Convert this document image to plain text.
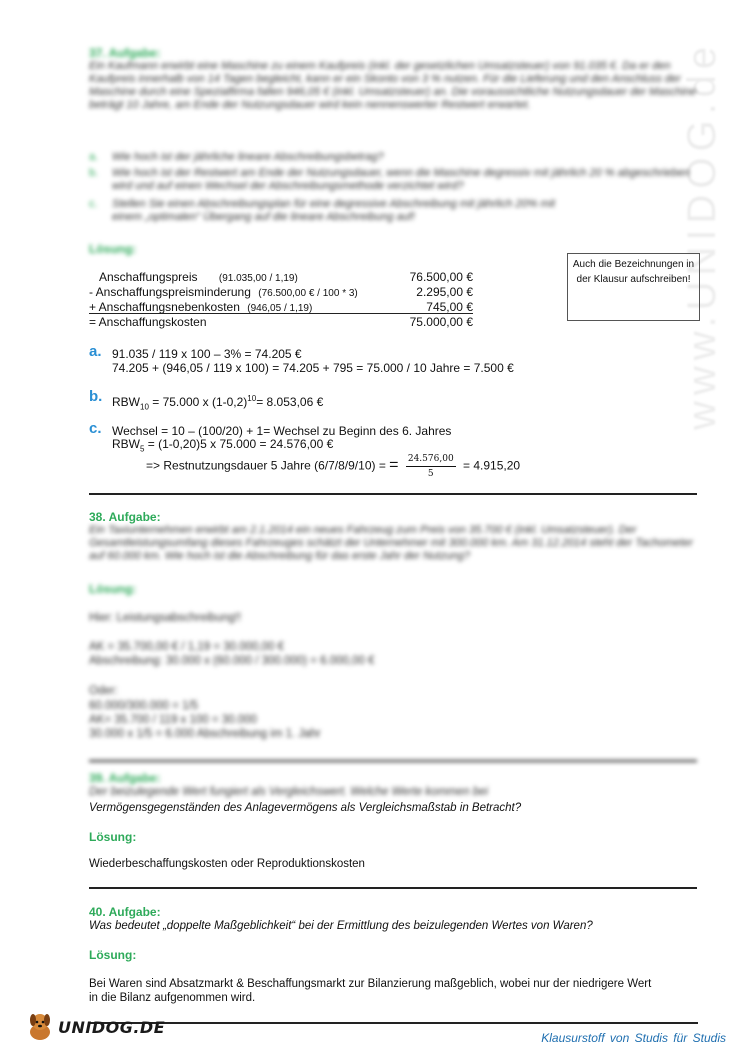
www.UNIDOG.de
37. Aufgabe:
Ein Kaufmann erwirbt eine Maschine zu einem Kaufpreis (inkl. der gesetzlichen Umsatzsteuer) von 91.035 €. Da er den Kaufpreis innerhalb von 14 Tagen begleicht, kann er ein Skonto von 3 % nutzen. Für die Lieferung und den Anschluss der Maschine durch eine Spezialfirma fallen 946,05 € (inkl. Umsatzsteuer) an. Die voraussichtliche Nutzungsdauer der Maschine beträgt 10 Jahre, am Ende der Nutzungsdauer wird kein nennenswerter Restwert erwartet.
a.	Wie hoch ist der jährliche lineare Abschreibungsbetrag?
b.	Wie hoch ist der Restwert am Ende der Nutzungsdauer, wenn die Maschine degressiv mit jährlich 20 % abgeschrieben wird und auf einen Wechsel der Abschreibungsmethode verzichtet wird?
c.	Stellen Sie einen Abschreibungsplan für eine degressive Abschreibung mit jährlich 20% mit einem „optimalen“ Übergang auf die lineare Abschreibung auf!
Lösung:
Auch die Bezeichnungen in der Klausur aufschreiben!
Anschaffungspreis (91.035,00 / 1,19)	76.500,00 €
- Anschaffungspreisminderung (76.500,00 € / 100 * 3)	2.295,00 €
+ Anschaffungsnebenkosten (946,05 / 1,19)	745,00 €
= Anschaffungskosten	75.000,00 €
a. 91.035 / 119 x 100 – 3% = 74.205 €
74.205 + (946,05 / 119 x 100) = 74.205 + 795 = 75.000 / 10 Jahre = 7.500 €
b. $RBW_{10} = 75.000$ x $(1-0,2)^{10}= 8.053,06$ €
c. Wechsel = 10 – (100/20) + 1= Wechsel zu Beginn des 6. Jahres
$RBW_5 = (1-0,20)5$ x 75.000 = 24.576,00 €
=> Restnutzungsdauer 5 Jahre (6/7/8/9/10) = = $\frac{24.576,00}{5} = 4.915,20$
38. Aufgabe:
Ein Taxiunternehmen erwirbt am 2.1.2014 ein neues Fahrzeug zum Preis von 35.700 € (inkl. Umsatzsteuer). Der Gesamtleistungsumfang dieses Fahrzeuges schätzt der Unternehmer mit 300.000 km. Am 31.12.2014 steht der Tachometer auf 60.000 km. Wie hoch ist die Abschreibung für das erste Jahr der Nutzung?
Lösung:
Hier: Leistungsabschreibung!!
AK = 35.700,00 € / 1,19 = 30.000,00 €
Abschreibung: 30.000 x (60.000 / 300.000) = 6.000,00 €
Oder:
60.000/300.000 = 1/5
AK= 35.700 / 119 x 100 = 30.000
30.000 x 1/5 = 6.000 Abschreibung im 1. Jahr
39. Aufgabe:
Der beizulegende Wert fungiert als Vergleichswert. Welche Werte kommen bei
Vermögensgegenständen des Anlagevermögens als Vergleichsmaßstab in Betracht?
Lösung:
Wiederbeschaffungskosten oder Reproduktionskosten
40. Aufgabe:
Was bedeutet „doppelte Maßgeblichkeit“ bei der Ermittlung des beizulegenden Wertes von Waren?
Lösung:
Bei Waren sind Absatzmarkt & Beschaffungsmarkt zur Bilanzierung maßgeblich, wobei nur der niedrigere Wert
in die Bilanz aufgenommen wird.
UNIDOG.DE
Klausurstoff von Studis für Studis
